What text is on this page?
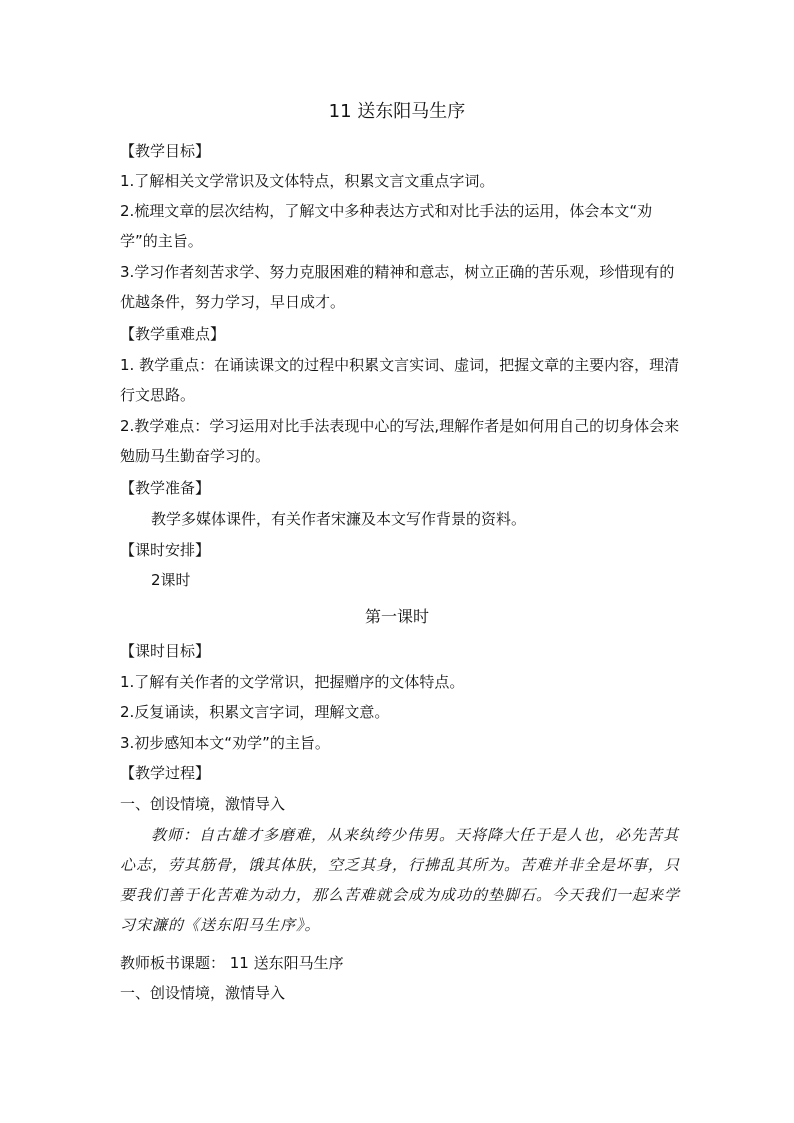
11 送东阳马生序
【教学目标】
1.了解相关文学常识及文体特点，积累文言文重点字词。
2.梳理文章的层次结构，了解文中多种表达方式和对比手法的运用，体会本文“劝学”的主旨。
3.学习作者刻苦求学、努力克服困难的精神和意志，树立正确的苦乐观，珍惜现有的优越条件，努力学习，早日成才。
【教学重难点】
1. 教学重点：在诵读课文的过程中积累文言实词、虚词，把握文章的主要内容，理清行文思路。
2.教学难点：学习运用对比手法表现中心的写法,理解作者是如何用自己的切身体会来勉励马生勤奋学习的。
【教学准备】
教学多媒体课件，有关作者宋濂及本文写作背景的资料。
【课时安排】
2课时
第一课时
【课时目标】
1.了解有关作者的文学常识，把握赠序的文体特点。
2.反复诵读，积累文言字词，理解文意。
3.初步感知本文“劝学”的主旨。
【教学过程】
一、创设情境，激情导入
教师：自古雄才多磨难，从来纨绔少伟男。天将降大任于是人也，必先苦其心志，劳其筋骨，饿其体肤，空乏其身，行拂乱其所为。苦难并非全是坏事，只要我们善于化苦难为动力，那么苦难就会成为成功的垫脚石。今天我们一起来学习宋濂的《送东阳马生序》。
教师板书课题： 11 送东阳马生序
一、创设情境，激情导入
